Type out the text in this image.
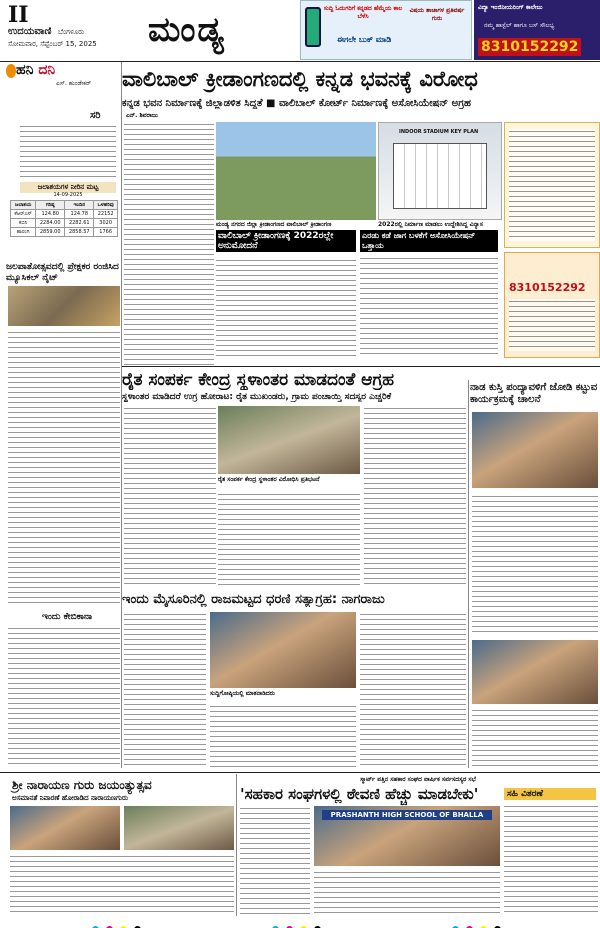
II
ಉದಯವಾಣಿ ಬೆಂಗಳೂರು
ಸೋಮವಾರ, ಸೆಪ್ಟೆಂಬರ್ 15, 2025 ಮಂಡ್ಯ
ಸುದ್ದಿ ಓದುಗರಿಗೆ ಕನ್ನಡದ ಹೆಮ್ಮೆಯ ಕಾಲ ಬೆಳೆಸಿ
ವಿಷಯ ತಾಜಾಗಳ ಪ್ರತಿವರ್ಷ ಗುರು
ಈಗಲೇ ಬುಕ್ ಮಾಡಿ
ವಿದ್ಯಾ ಇಂಜಿನೀಯರಿಂಗ್ ಕಾಲೇಜು
ನಮ್ಮ ಹಾಸ್ಟೆಲ್ ಹಾಗೂ ಬಸ್ ಸೌಲಭ್ಯ
8310152292
ಹನಿ ದನಿ
ಎಸ್. ಹುಂಡೇಕರ್
ಸರಿ
ಜಲಾಶಯಗಳ ನೀರಿನ ಮಟ್ಟ
14-09-2025
ಜಲಾಶಯ	ಗರಿಷ್ಠ	ಇಂದಿನ	ಒಳಹರಿವು
ಕೆಆರ್‌ಎಸ್	124.80	124.78	22152
ಕಬಿನಿ	2284.00	2282.61	3020
ಹಾರಂಗಿ	2859.00	2858.57	1766
ಜಲಪಾತೋತ್ಸವದಲ್ಲಿ ಪ್ರೇಕ್ಷಕರ ರಂಜಿಸಿದ ಮ್ಯೂಸಿಕಲ್ ನೈಟ್
ಇಂದು ಕೇಬಿಕಾನಾ
ವಾಲಿಬಾಲ್ ಕ್ರೀಡಾಂಗಣದಲ್ಲಿ ಕನ್ನಡ ಭವನಕ್ಕೆ ವಿರೋಧ
ಕನ್ನಡ ಭವನ ನಿರ್ಮಾಣಕ್ಕೆ ಜಿಲ್ಲಾಡಳಿತ ಸಿದ್ಧತೆ ■ ವಾಲಿಬಾಲ್ ಕೋರ್ಟ್ ನಿರ್ಮಾಣಕ್ಕೆ ಅಸೋಸಿಯೇಷನ್ ಅಗ್ರಹ
ಎನ್. ಶಿವರಾಜು
ಮಂಡ್ಯ ನಗರದ ಜಿಲ್ಲಾ ಕ್ರೀಡಾಂಗಣದ ವಾಲಿಬಾಲ್ ಕ್ರೀಡಾಂಗಣ
INDOOR STADIUM KEY PLAN
2022ರಲ್ಲಿ ನಿರ್ಮಾಣ ಮಾಡಲು ಉದ್ದೇಶಿಸಿದ್ದ ವಿನ್ಯಾಸ
ವಾಲಿಬಾಲ್ ಕ್ರೀಡಾಂಗಣಕ್ಕೆ 2022ರಲ್ಲೇ ಅನುಮೋದನೆ
ಎರಡು ಕಡೆ ಜಾಗ ಬಳಕೆಗೆ ಅಸೋಸಿಯೇಷನ್ ಒತ್ತಾಯ
8310152292
ರೈತ ಸಂಪರ್ಕ ಕೇಂದ್ರ ಸ್ಥಳಾಂತರ ಮಾಡದಂತೆ ಆಗ್ರಹ
ಸ್ಥಳಾಂತರ ಮಾಡಿದರೆ ಉಗ್ರ ಹೋರಾಟ: ರೈತ ಮುಖಂಡರು, ಗ್ರಾಮ ಪಂಚಾಯ್ತಿ ಸದಸ್ಯರ ಎಚ್ಚರಿಕೆ
ರೈತ ಸಂಪರ್ಕ ಕೇಂದ್ರ ಸ್ಥಳಾಂತರ ವಿರೋಧಿಸಿ ಪ್ರತಿಭಟನೆ
ನಾಡ ಕುಸ್ತಿ ಪಂದ್ಯಾವಳಿಗೆ ಜೋಡಿ ಕಟ್ಟುವ ಕಾರ್ಯಕ್ರಮಕ್ಕೆ ಚಾಲನೆ
ಇಂದು ಮೈಸೂರಿನಲ್ಲಿ ರಾಜಮಟ್ಟದ ಧರಣಿ ಸತ್ಯಾಗ್ರಹ: ನಾಗರಾಜು
ಸುದ್ದಿಗೋಷ್ಠಿಯಲ್ಲಿ ಮಾತನಾಡಿದರು
ಶ್ರೀ ನಾರಾಯಣ ಗುರು ಜಯಂತ್ಯುತ್ಸವ
ಅಸಮಾನತೆ ನಿವಾರಣೆ ಹೋರಾಡಿದ ನಾರಾಯಣಗುರು
ಸ್ಮಾರ್ಟ್ ಪತ್ತಿನ ಸಹಕಾರ ಸಂಘದ ವಾರ್ಷಿಕ ಸರ್ವಸದಸ್ಯರ ಸಭೆ
'ಸಹಕಾರ ಸಂಘಗಳಲ್ಲಿ ಠೇವಣಿ ಹೆಚ್ಚು ಮಾಡಬೇಕು'
PRASHANTH HIGH SCHOOL OF BHALLA
ಸಹಿ ವಿತರಣೆ
